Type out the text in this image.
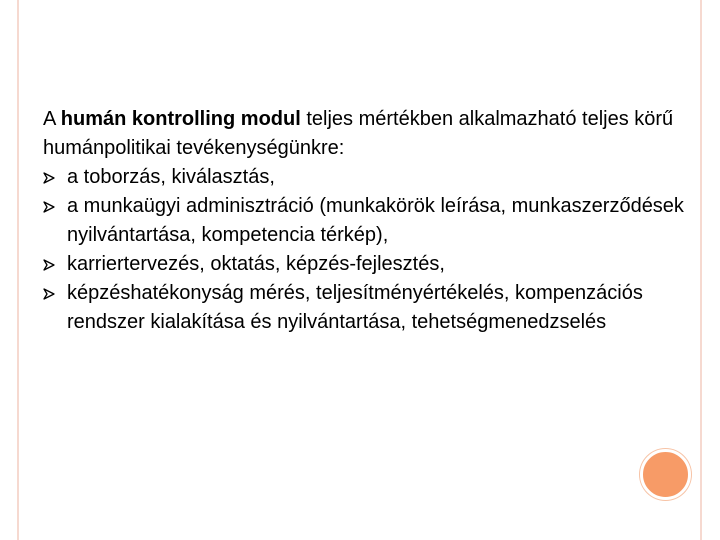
A humán kontrolling modul teljes mértékben alkalmazható teljes körű humánpolitikai tevékenységünkre:

a toborzás, kiválasztás,
a munkaügyi adminisztráció (munkakörök leírása, munkaszerződések nyilvántartása, kompetencia térkép),
karriertervezés, oktatás, képzés-fejlesztés,
képzéshatékonyság mérés, teljesítményértékelés, kompenzációs rendszer kialakítása és nyilvántartása, tehetségmenedzselés
